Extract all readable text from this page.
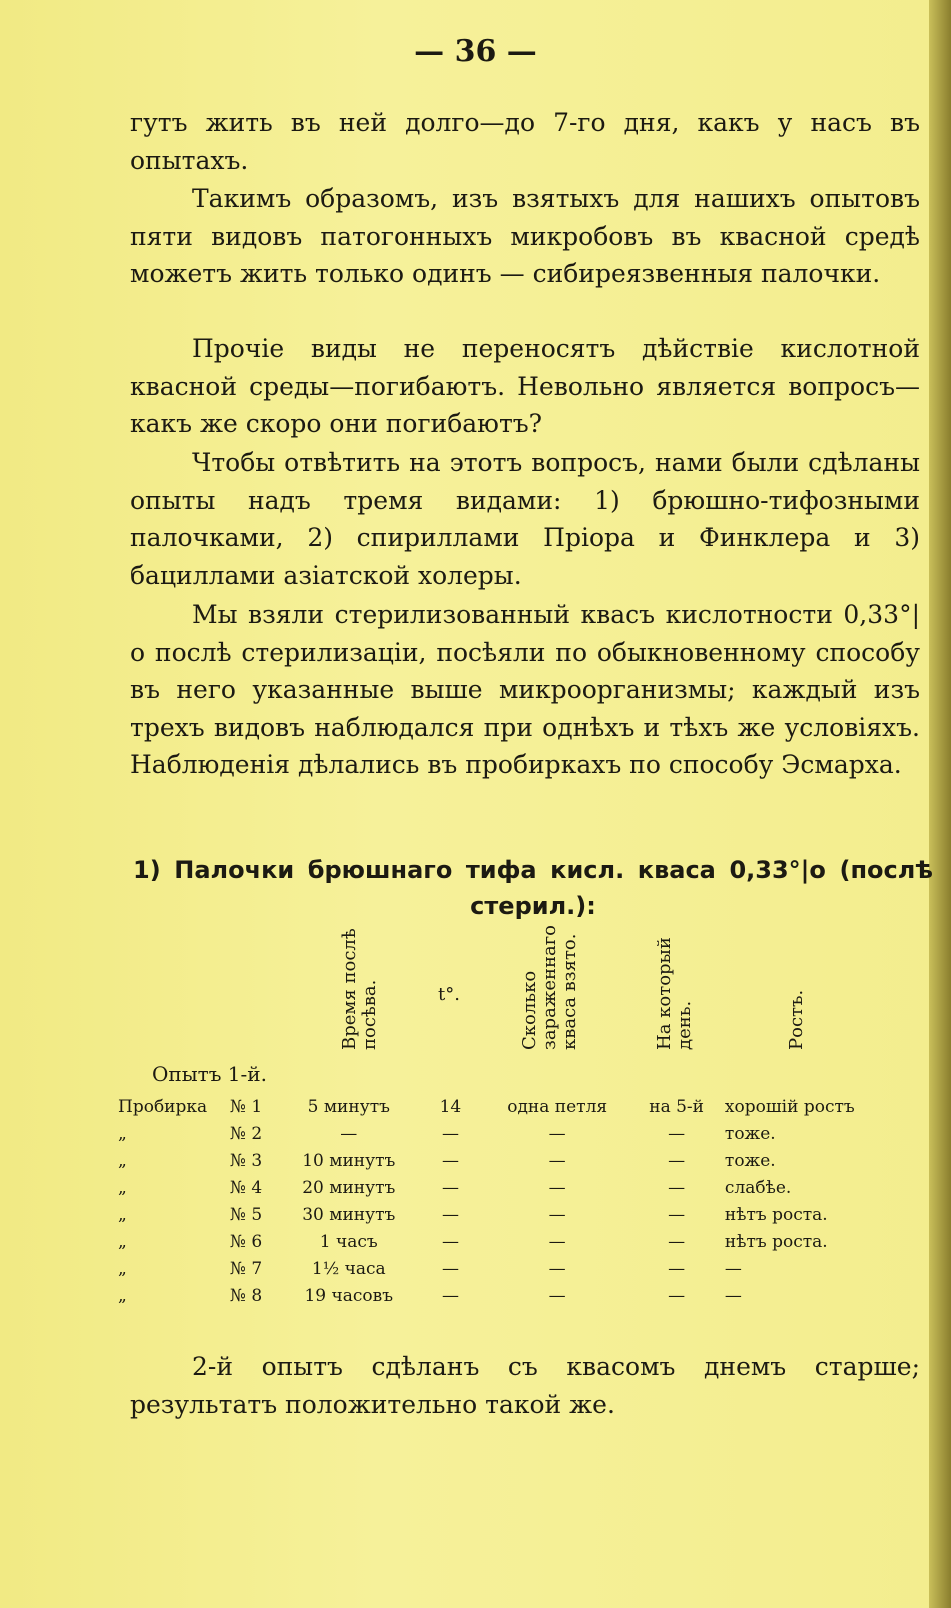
— 36 —
гутъ жить въ ней долго—до 7-го дня, какъ у насъ въ опытахъ.
Такимъ образомъ, изъ взятыхъ для нашихъ опытовъ пяти видовъ патогонныхъ микробовъ въ квасной средѣ можетъ жить только одинъ — сибиреязвенныя палочки.
Прочіе виды не переносятъ дѣйствіе кислотной квасной среды—погибаютъ. Невольно является вопросъ— какъ же скоро они погибаютъ?
Чтобы отвѣтить на этотъ вопросъ, нами были сдѣланы опыты надъ тремя видами: 1) брюшно-тифозными палочками, 2) спириллами Пріора и Финклера и 3) бациллами азіатской холеры.
Мы взяли стерилизованный квасъ кислотности 0,33°|о послѣ стерилизаціи, посѣяли по обыкновенному способу въ него указанные выше микроорганизмы; каждый изъ трехъ видовъ наблюдался при однѣхъ и тѣхъ же условіяхъ. Наблюденія дѣлались въ пробиркахъ по способу Эсмарха.
1) Палочки брюшнаго тифа кисл. кваса 0,33°|о (послѣ стерил.):
Время послѣ посѣва.	t°.	Сколько зараженнаго кваса взято.	На который день.	Ростъ.
Опытъ 1-й.
Пробирка	№ 1	5 минутъ	14	одна петля	на 5-й	хорошій ростъ
„	№ 2	—	—	—	—	тоже.
„	№ 3	10 минутъ	—	—	—	тоже.
„	№ 4	20 минутъ	—	—	—	слабѣе.
„	№ 5	30 минутъ	—	—	—	нѣтъ роста.
„	№ 6	1 часъ	—	—	—	нѣтъ роста.
„	№ 7	1½ часа	—	—	—	—
„	№ 8	19 часовъ	—	—	—	—
2-й опытъ сдѣланъ съ квасомъ днемъ старше; результатъ положительно такой же.
